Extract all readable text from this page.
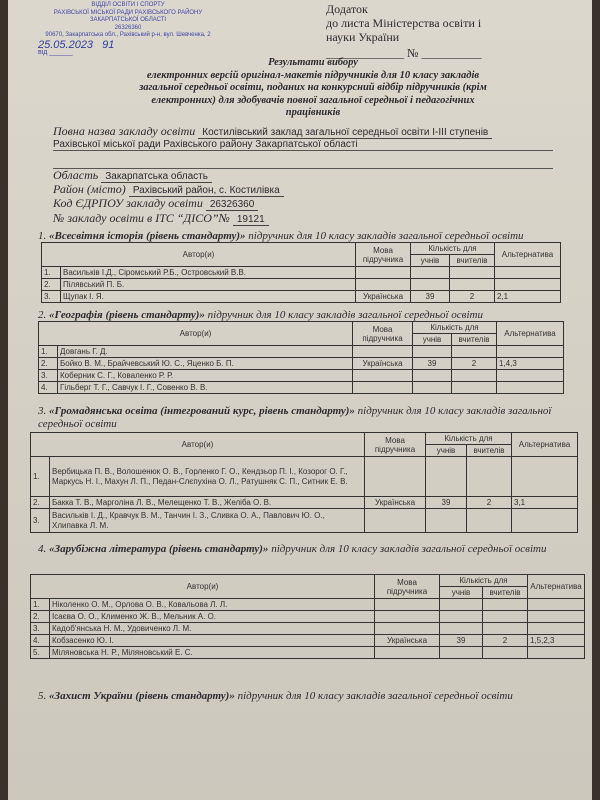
ВІДДІЛ ОСВІТИ І СПОРТУ
РАХІВСЬКОЇ МІСЬКОЇ РАДИ РАХІВСЬКОГО РАЙОНУ
ЗАКАРПАТСЬКОЇ ОБЛАСТІ
26326360
90670, Закарпатська обл., Рахівський р-н, вул. Шевченка, 2
25.05.2023 91
від ______
Додаток
до листа Міністерства освіти і
науки України
_____________ № __________
Результати вибору
електронних версій оригінал-макетів підручників для 10 класу закладів
загальної середньої освіти, поданих на конкурсний відбір підручників (крім
електронних) для здобувачів повної загальної середньої і педагогічних
працівників
Повна назва закладу освіти Костилівський заклад загальної середньої освіти І-ІІІ ступенів
Рахівської міської ради Рахівського району Закарпатської області
Область Закарпатська область
Район (місто) Рахівський район, с. Костилівка
Код ЄДРПОУ закладу освіти 26326360
№ закладу освіти в ІТС “ДІСО”№ 19121
1. «Всесвітня історія (рівень стандарту)» підручник для 10 класу закладів загальної середньої освіти
Автор(и)		Мова
підручника	Кількість для		Альтернатива
			учнів	вчителів	
1.	Васильків І.Д., Сіромський Р.Б., Островський В.В.				
2.	Пілявський П. Б.				
3.	Щупак І. Я.	Українська	39	2	2,1
2. «Географія (рівень стандарту)» підручник для 10 класу закладів загальної середньої освіти
Автор(и)		Мова
підручника	Кількість для		Альтернатива
			учнів	вчителів	
1.	Довгань Г. Д.				
2.	Бойко В. М., Брайчевський Ю. С., Яценко Б. П.	Українська	39	2	1,4,3
3.	Коберник С. Г., Коваленко Р. Р.				
4.	Гільберг Т. Г., Савчук І. Г., Совенко В. В.				
3. «Громадянська освіта (інтегрований курс, рівень стандарту)» підручник для 10 класу закладів загальної середньої освіти
Автор(и)		Мова
підручника	Кількість для		Альтернатива
			учнів	вчителів	
1.	Вербицька П. В., Волошенюк О. В., Горленко Г. О., Кендзьор П. І., Козорог О. Г., Маркусь Н. І., Махун Л. П., Педан-Слєпухіна О. Л., Ратушняк С. П., Ситник Е. В.				
2.	Бакка Т. В., Марголіна Л. В., Мелещенко Т. В., Желіба О. В.	Українська	39	2	3,1
3.	Васильків І. Д., Кравчук В. М., Танчин І. З., Сливка О. А., Павлович Ю. О., Хлипавка Л. М.				
4. «Зарубіжна література (рівень стандарту)» підручник для 10 класу закладів загальної середньої освіти
Автор(и)		Мова
підручника	Кількість для		Альтернатива
			учнів	вчителів	
1.	Ніколенко О. М., Орлова О. В., Ковальова Л. Л.				
2.	Ісаєва О. О., Клименко Ж. В., Мельник А. О.				
3.	Кадоб'янська Н. М., Удовиченко Л. М.				
4.	Кобзасенко Ю. І.	Українська	39	2	1,5,2,3
5.	Міляновська Н. Р., Міляновський Е. С.				
5. «Захист України (рівень стандарту)» підручник для 10 класу закладів загальної середньої освіти
